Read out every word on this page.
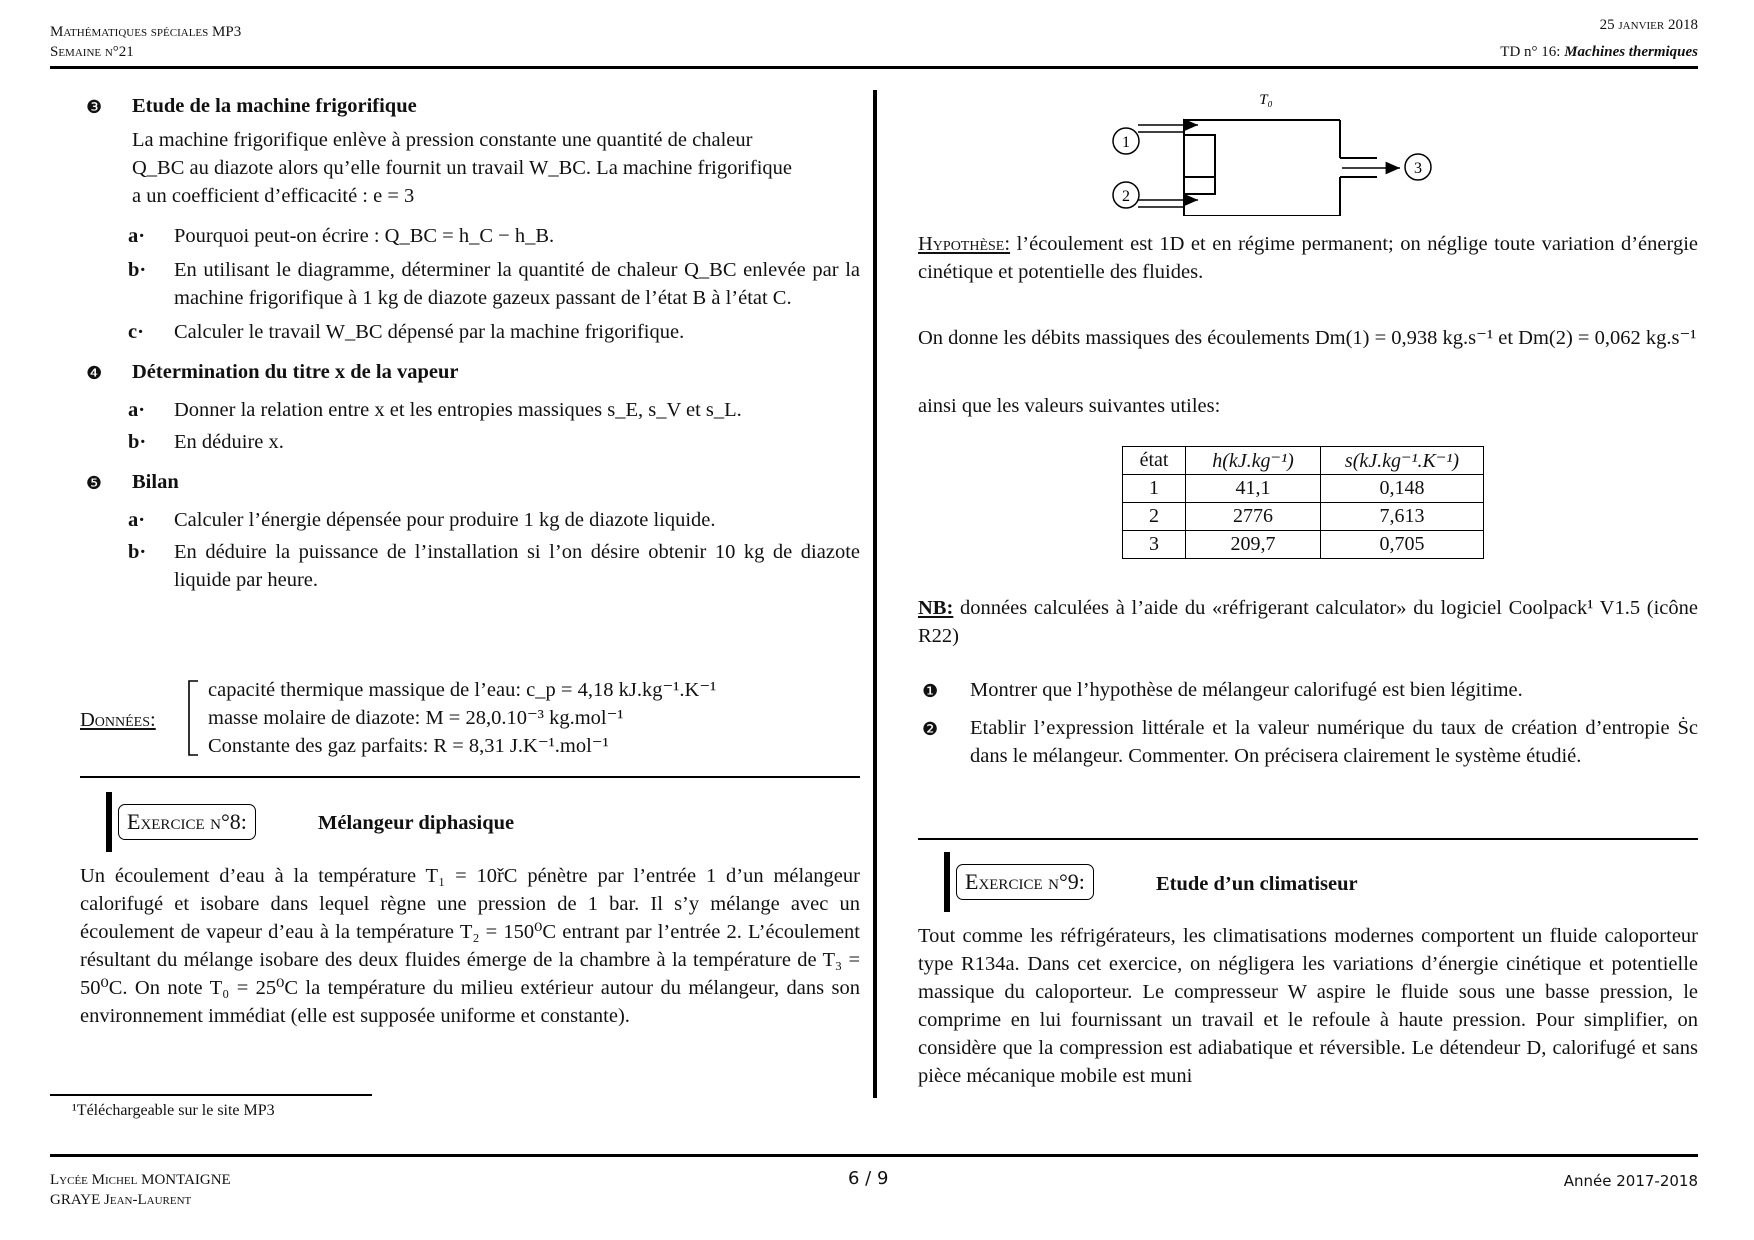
Mathématiques spéciales MP3
Semaine n°21
25 janvier 2018
TD n° 16: Machines thermiques
❸ Etude de la machine frigorifique
La machine frigorifique enlève à pression constante une quantité de chaleur
Q_BC au diazote alors qu’elle fournit un travail W_BC. La machine frigorifique
a un coefficient d’efficacité : e = 3
a· Pourquoi peut-on écrire : Q_BC = h_C − h_B.
b· En utilisant le diagramme, déterminer la quantité de chaleur Q_BC enlevée par la machine frigorifique à 1 kg de diazote gazeux passant de l’état B à l’état C.
c· Calculer le travail W_BC dépensé par la machine frigorifique.
❹ Détermination du titre x de la vapeur
a· Donner la relation entre x et les entropies massiques s_E, s_V et s_L.
b· En déduire x.
❺ Bilan
a· Calculer l’énergie dépensée pour produire 1 kg de diazote liquide.
b· En déduire la puissance de l’installation si l’on désire obtenir 10 kg de diazote liquide par heure.
Données:
capacité thermique massique de l’eau: c_p = 4,18 kJ.kg⁻¹.K⁻¹
masse molaire de diazote: M = 28,0.10⁻³ kg.mol⁻¹
Constante des gaz parfaits: R = 8,31 J.K⁻¹.mol⁻¹
Exercice n°8:	Mélangeur diphasique
Un écoulement d’eau à la température T₁ = 10řC pénètre par l’entrée 1 d’un mélangeur calorifugé et isobare dans lequel règne une pression de 1 bar. Il s’y mélange avec un écoulement de vapeur d’eau à la température T₂ = 150⁰C entrant par l’entrée 2. L’écoulement résultant du mélange isobare des deux fluides émerge de la chambre à la température de T₃ = 50⁰C. On note T₀ = 25⁰C la température du milieu extérieur autour du mélangeur, dans son environnement immédiat (elle est supposée uniforme et constante).
¹Téléchargeable sur le site MP3
1
2
3
T₀
Hypothèse: l’écoulement est 1D et en régime permanent; on néglige toute variation d’énergie cinétique et potentielle des fluides.
On donne les débits massiques des écoulements Dm(1) = 0,938 kg.s⁻¹ et Dm(2) = 0,062 kg.s⁻¹
ainsi que les valeurs suivantes utiles:
état	h(kJ.kg⁻¹)	s(kJ.kg⁻¹.K⁻¹)
1	41,1	0,148
2	2776	7,613
3	209,7	0,705
NB: données calculées à l’aide du «réfrigerant calculator» du logiciel Coolpack¹ V1.5 (icône R22)
❶ Montrer que l’hypothèse de mélangeur calorifugé est bien légitime.
❷ Etablir l’expression littérale et la valeur numérique du taux de création d’entropie Ṡc dans le mélangeur. Commenter. On précisera clairement le système étudié.
Exercice n°9:	Etude d’un climatiseur
Tout comme les réfrigérateurs, les climatisations modernes comportent un fluide caloporteur type R134a. Dans cet exercice, on négligera les variations d’énergie cinétique et potentielle massique du caloporteur. Le compresseur W aspire le fluide sous une basse pression, le comprime en lui fournissant un travail et le refoule à haute pression. Pour simplifier, on considère que la compression est adiabatique et réversible. Le détendeur D, calorifugé et sans pièce mécanique mobile est muni
Lycée Michel MONTAIGNE
GRAYE Jean-Laurent
6 / 9	Année 2017-2018
